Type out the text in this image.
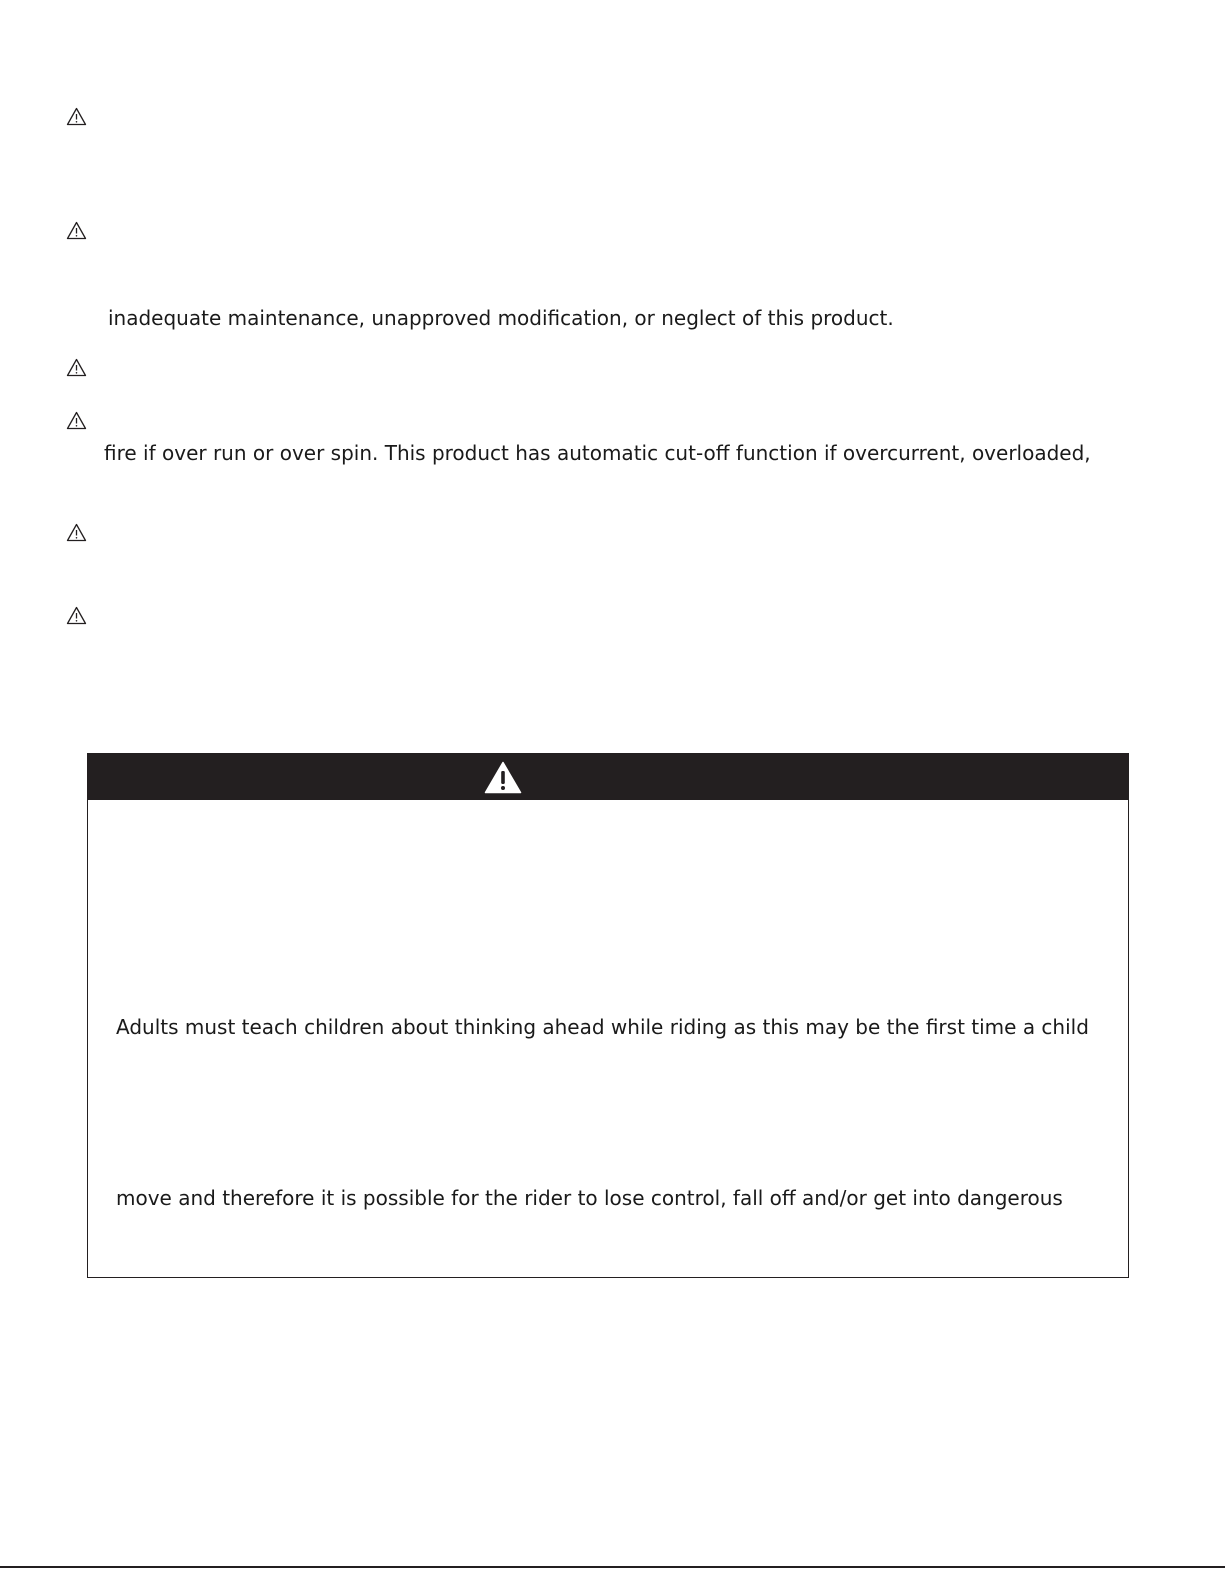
inadequate maintenance, unapproved modification, or neglect of this product.
fire if over run or over spin. This product has automatic cut-off function if overcurrent, overloaded,
Adults must teach children about thinking ahead while riding as this may be the first time a child
move and therefore it is possible for the rider to lose control, fall off and/or get into dangerous
